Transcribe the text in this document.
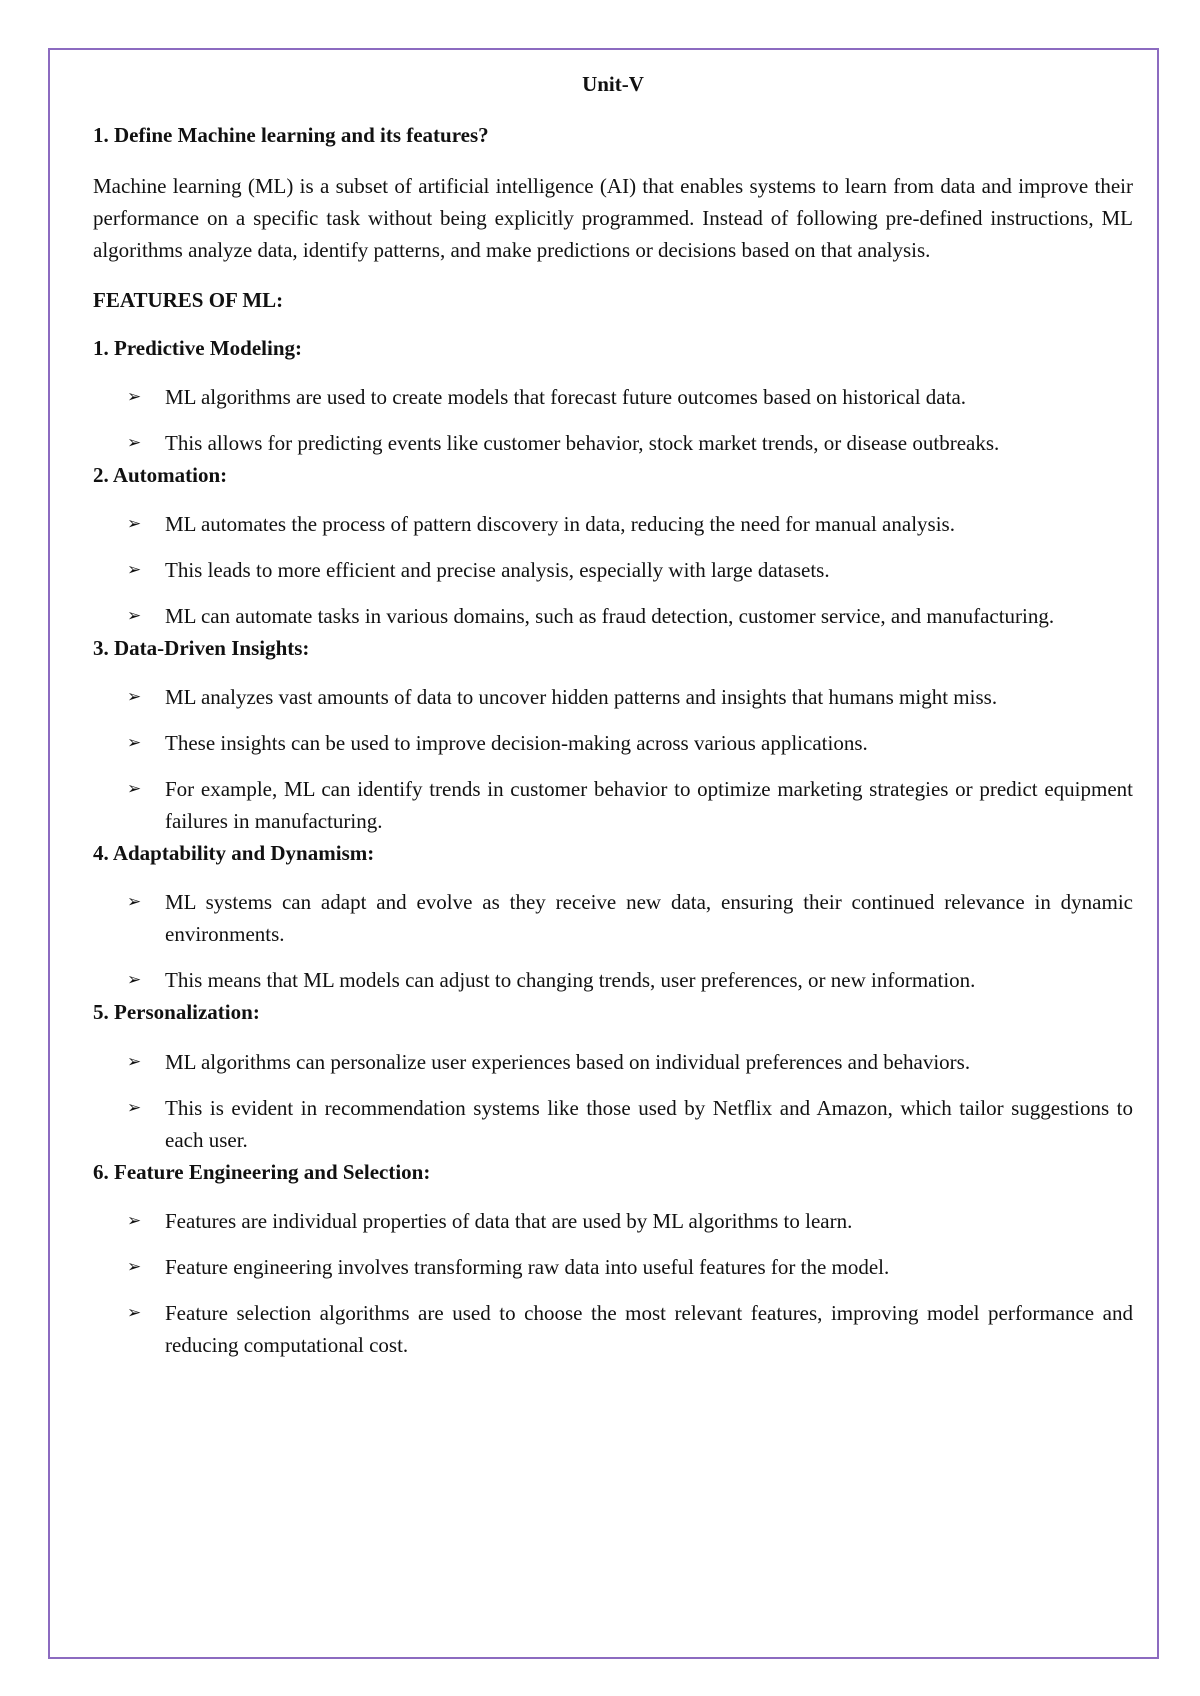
Unit-V
1. Define Machine learning and its features?

Machine learning (ML) is a subset of artificial intelligence (AI) that enables systems to learn from data and improve their performance on a specific task without being explicitly programmed. Instead of following pre-defined instructions, ML algorithms analyze data, identify patterns, and make predictions or decisions based on that analysis.

FEATURES OF ML:
1. Predictive Modeling:
➢ ML algorithms are used to create models that forecast future outcomes based on historical data.
➢ This allows for predicting events like customer behavior, stock market trends, or disease outbreaks.
2. Automation:
➢ ML automates the process of pattern discovery in data, reducing the need for manual analysis.
➢ This leads to more efficient and precise analysis, especially with large datasets.
➢ ML can automate tasks in various domains, such as fraud detection, customer service, and manufacturing.
3. Data-Driven Insights:
➢ ML analyzes vast amounts of data to uncover hidden patterns and insights that humans might miss.
➢ These insights can be used to improve decision-making across various applications.
➢ For example, ML can identify trends in customer behavior to optimize marketing strategies or predict equipment failures in manufacturing.
4. Adaptability and Dynamism:
➢ ML systems can adapt and evolve as they receive new data, ensuring their continued relevance in dynamic environments.
➢ This means that ML models can adjust to changing trends, user preferences, or new information.
5. Personalization:
➢ ML algorithms can personalize user experiences based on individual preferences and behaviors.
➢ This is evident in recommendation systems like those used by Netflix and Amazon, which tailor suggestions to each user.
6. Feature Engineering and Selection:
➢ Features are individual properties of data that are used by ML algorithms to learn.
➢ Feature engineering involves transforming raw data into useful features for the model.
➢ Feature selection algorithms are used to choose the most relevant features, improving model performance and reducing computational cost.
